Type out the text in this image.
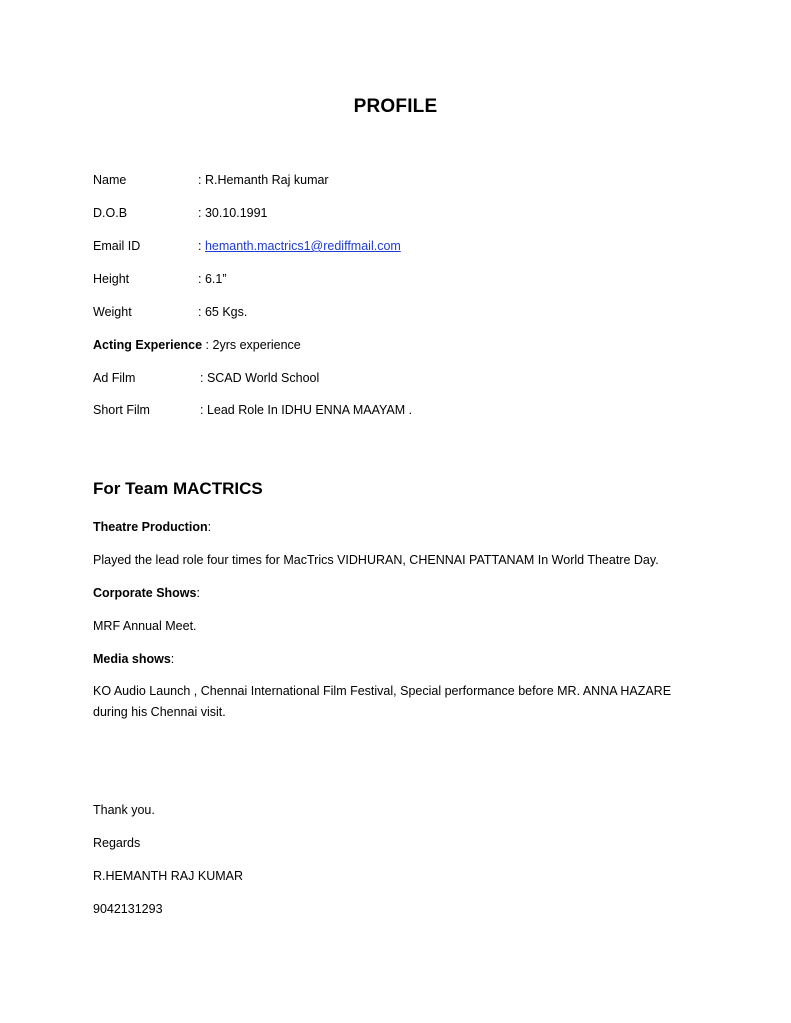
PROFILE
Name	: R.Hemanth Raj kumar
D.O.B	: 30.10.1991
Email ID	: hemanth.mactrics1@rediffmail.com
Height	: 6.1”
Weight	: 65 Kgs.
Acting Experience : 2yrs experience
Ad Film	: SCAD World School
Short Film	: Lead Role In IDHU ENNA MAAYAM .
For Team MACTRICS
Theatre Production:
Played the lead role four times for MacTrics VIDHURAN, CHENNAI PATTANAM In World Theatre Day.
Corporate Shows:
MRF Annual Meet.
Media shows:
KO Audio Launch , Chennai International Film Festival, Special performance before MR. ANNA HAZARE during his Chennai visit.
Thank you.
Regards
R.HEMANTH RAJ KUMAR
9042131293
